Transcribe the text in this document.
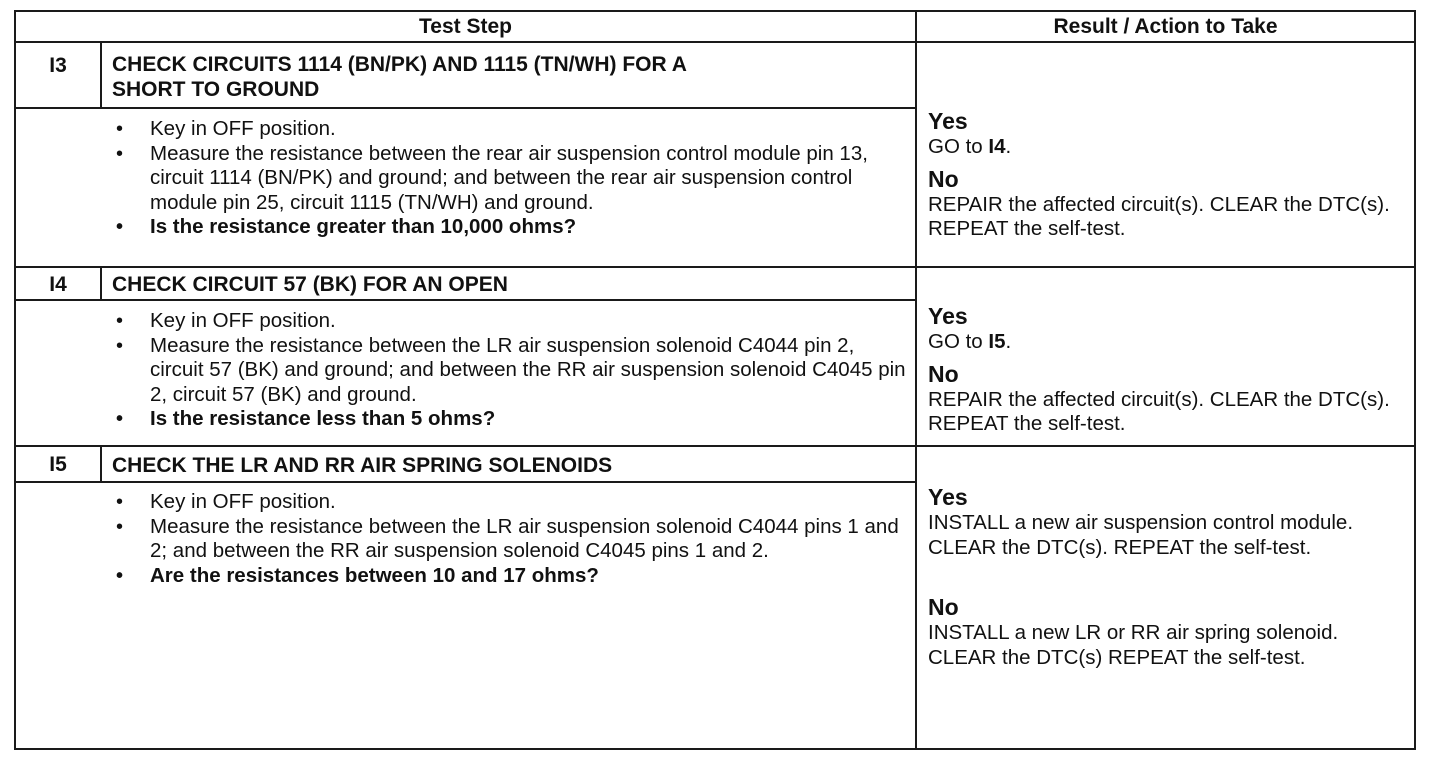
Test Step	Result / Action to Take
I3	CHECK CIRCUITS 1114 (BN/PK) AND 1115 (TN/WH) FOR A
SHORT TO GROUND
• Key in OFF position.
• Measure the resistance between the rear air suspension control module pin 13, circuit 1114 (BN/PK) and ground; and between the rear air suspension control module pin 25, circuit 1115 (TN/WH) and ground.
• Is the resistance greater than 10,000 ohms?
Yes
GO to I4.
No
REPAIR the affected circuit(s). CLEAR the DTC(s). REPEAT the self-test.
I4	CHECK CIRCUIT 57 (BK) FOR AN OPEN
• Key in OFF position.
• Measure the resistance between the LR air suspension solenoid C4044 pin 2, circuit 57 (BK) and ground; and between the RR air suspension solenoid C4045 pin 2, circuit 57 (BK) and ground.
• Is the resistance less than 5 ohms?
Yes
GO to I5.
No
REPAIR the affected circuit(s). CLEAR the DTC(s). REPEAT the self-test.
I5	CHECK THE LR AND RR AIR SPRING SOLENOIDS
• Key in OFF position.
• Measure the resistance between the LR air suspension solenoid C4044 pins 1 and 2; and between the RR air suspension solenoid C4045 pins 1 and 2.
• Are the resistances between 10 and 17 ohms?
Yes
INSTALL a new air suspension control module.
CLEAR the DTC(s). REPEAT the self-test.
No
INSTALL a new LR or RR air spring solenoid.
CLEAR the DTC(s) REPEAT the self-test.
